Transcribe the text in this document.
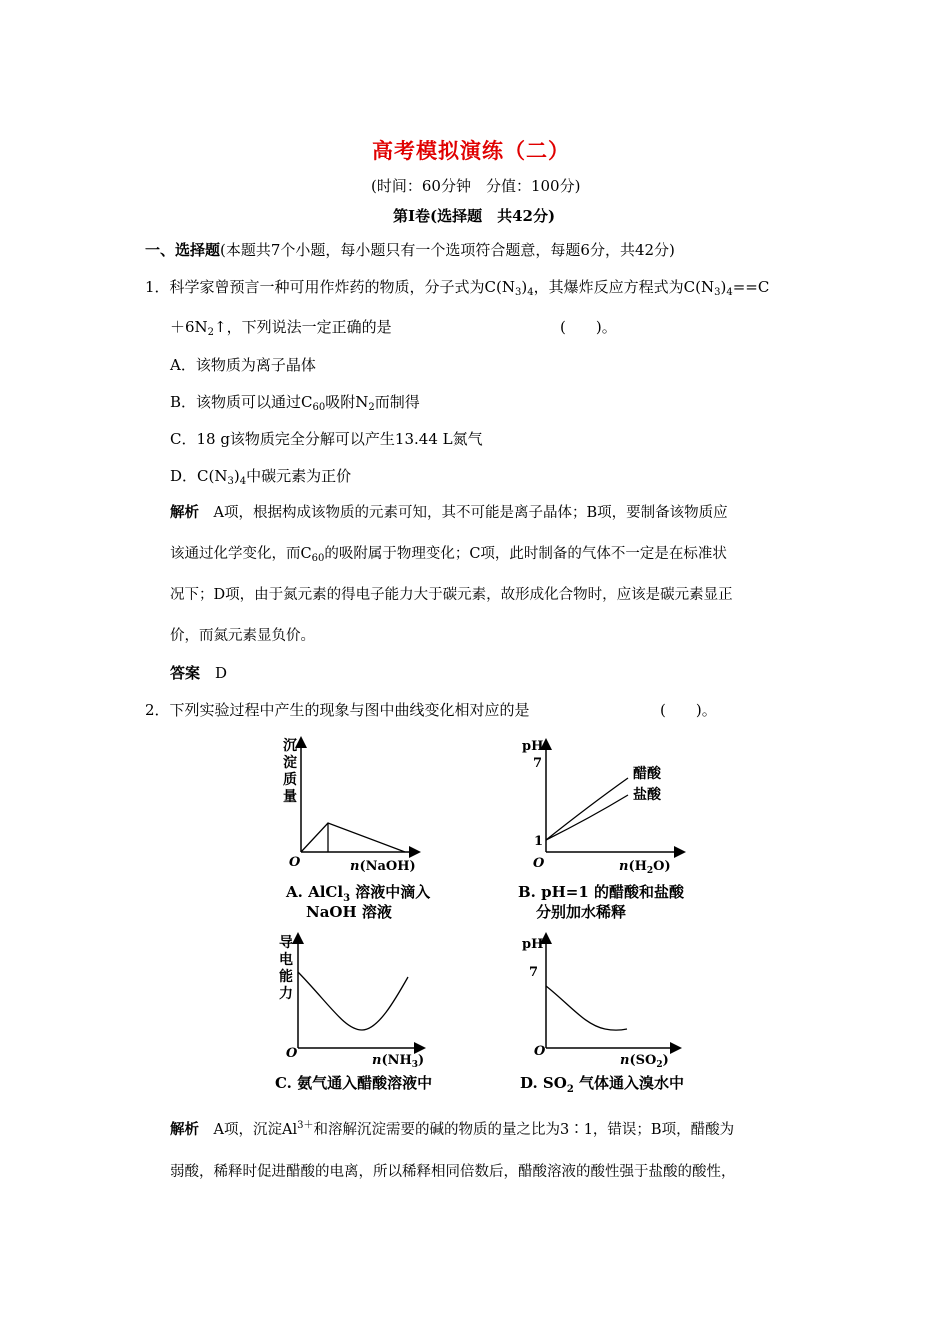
高考模拟演练（二）
(时间：60分钟　分值：100分)
第Ⅰ卷(选择题　共42分)
一、选择题(本题共7个小题，每小题只有一个选项符合题意，每题6分，共42分)
1．科学家曾预言一种可用作炸药的物质，分子式为$C(N_3)_4$，其爆炸反应方程式为$C(N_3)_4==C$
$+6N_2↑$，下列说法一定正确的是	(　　)。
A．该物质为离子晶体
B．该物质可以通过$C_{60}$吸附$N_2$而制得
C．18 g该物质完全分解可以产生13.44 L氮气
D．$C(N_3)_4$中碳元素为正价
解析　 A项，根据构成该物质的元素可知，其不可能是离子晶体；B项，要制备该物质应
该通过化学变化，而$C_{60}$的吸附属于物理变化；C项，此时制备的气体不一定是在标准状
况下；D项，由于氮元素的得电子能力大于碳元素，故形成化合物时，应该是碳元素显正
价，而氮元素显负价。
答案　 D
2．下列实验过程中产生的现象与图中曲线变化相对应的是	(　　)。
沉
淀
质
量
O	n(NaOH)
A. AlCl$_3$ 溶液中滴入
NaOH 溶液
pH
7
1
O
醋酸
盐酸
$n(H_2O)$
B. pH=1 的醋酸和盐酸
分别加水稀释
导
电
能
力
O	$n(NH_3)$
C. 氨气通入醋酸溶液中
pH
7
O
$n(SO_2)$
D. $SO_2$ 气体通入溴水中
解析　 A项，沉淀$Al^{3+}$和溶解沉淀需要的碱的物质的量之比为3∶1，错误；B项，醋酸为
弱酸，稀释时促进醋酸的电离，所以稀释相同倍数后，醋酸溶液的酸性强于盐酸的酸性，
